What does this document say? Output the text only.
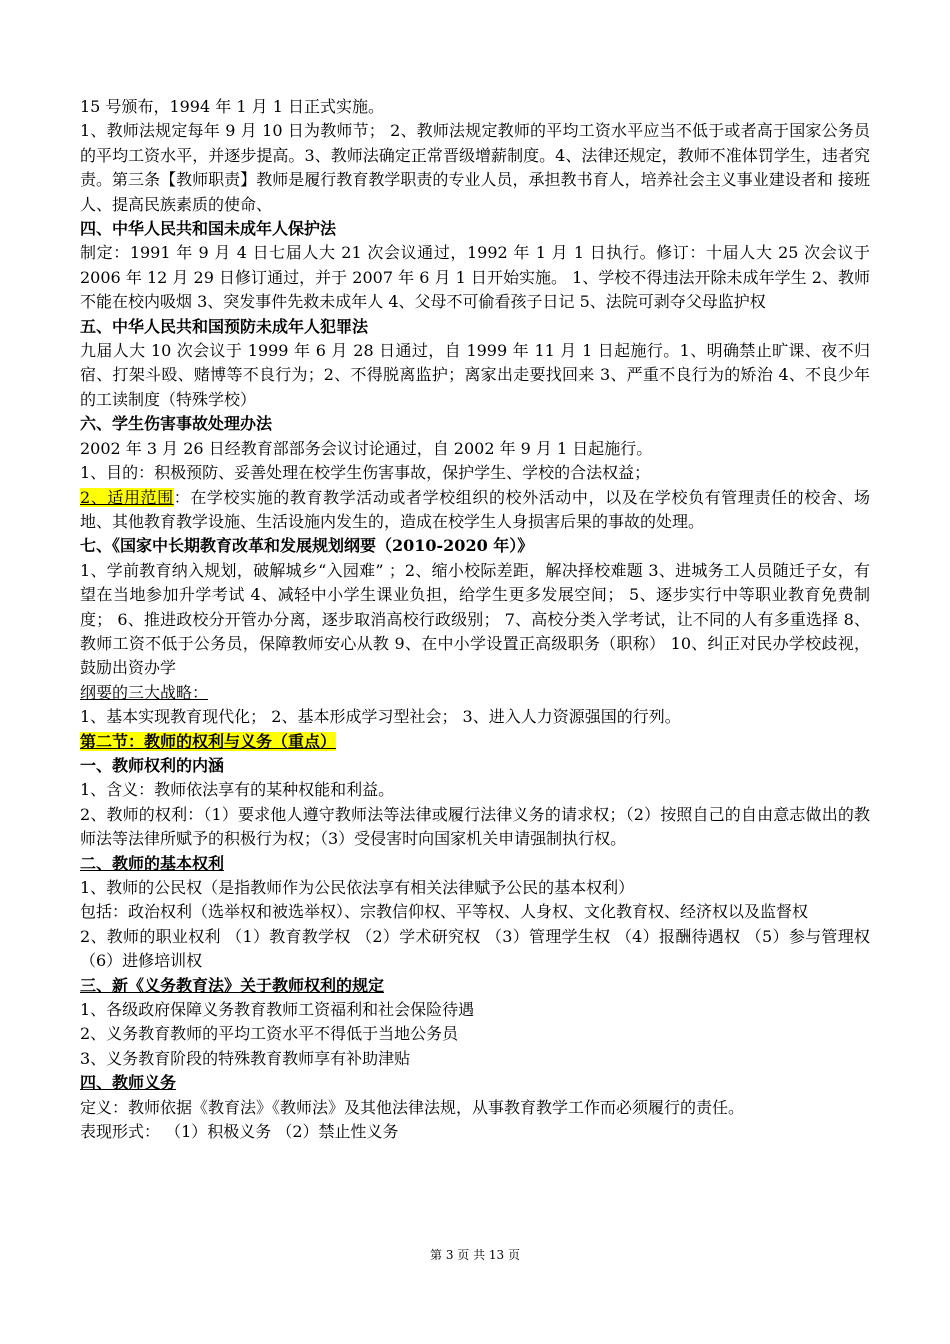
15 号颁布，1994 年 1 月 1 日正式实施。

1、教师法规定每年 9 月 10 日为教师节； 2、教师法规定教师的平均工资水平应当不低于或者高于国家公务员的平均工资水平，并逐步提高。3、教师法确定正常晋级增薪制度。4、法律还规定，教师不准体罚学生，违者究责。第三条【教师职责】教师是履行教育教学职责的专业人员，承担教书育人，培养社会主义事业建设者和 接班人、提高民族素质的使命、

四、中华人民共和国未成年人保护法

制定：1991 年 9 月 4 日七届人大 21 次会议通过，1992 年 1 月 1 日执行。修订：十届人大 25 次会议于 2006 年 12 月 29 日修订通过，并于 2007 年 6 月 1 日开始实施。 1、学校不得违法开除未成年学生 2、教师不能在校内吸烟 3、突发事件先救未成年人 4、父母不可偷看孩子日记 5、法院可剥夺父母监护权

五、中华人民共和国预防未成年人犯罪法

九届人大 10 次会议于 1999 年 6 月 28 日通过，自 1999 年 11 月 1 日起施行。1、明确禁止旷课、夜不归宿、打架斗殴、赌博等不良行为；2、不得脱离监护；离家出走要找回来 3、严重不良行为的矫治 4、不良少年的工读制度（特殊学校）

六、学生伤害事故处理办法

2002 年 3 月 26 日经教育部部务会议讨论通过，自 2002 年 9 月 1 日起施行。

1、目的：积极预防、妥善处理在校学生伤害事故，保护学生、学校的合法权益；

2、适用范围：在学校实施的教育教学活动或者学校组织的校外活动中，以及在学校负有管理责任的校舍、场地、其他教育教学设施、生活设施内发生的，造成在校学生人身损害后果的事故的处理。

七、《国家中长期教育改革和发展规划纲要（2010-2020 年）》

1、学前教育纳入规划，破解城乡“入园难” ；2、缩小校际差距，解决择校难题 3、进城务工人员随迁子女，有望在当地参加升学考试 4、减轻中小学生课业负担，给学生更多发展空间； 5、逐步实行中等职业教育免费制度； 6、推进政校分开管办分离，逐步取消高校行政级别； 7、高校分类入学考试，让不同的人有多重选择 8、教师工资不低于公务员，保障教师安心从教 9、在中小学设置正高级职务（职称） 10、纠正对民办学校歧视，鼓励出资办学

纲要的三大战略：

1、基本实现教育现代化； 2、基本形成学习型社会； 3、进入人力资源强国的行列。

第二节：教师的权利与义务（重点）

一、教师权利的内涵

1、含义：教师依法享有的某种权能和利益。

2、教师的权利：（1）要求他人遵守教师法等法律或履行法律义务的请求权；（2）按照自己的自由意志做出的教师法等法律所赋予的积极行为权；（3）受侵害时向国家机关申请强制执行权。

二、教师的基本权利

1、教师的公民权（是指教师作为公民依法享有相关法律赋予公民的基本权利）

包括：政治权利（选举权和被选举权）、宗教信仰权、平等权、人身权、文化教育权、经济权以及监督权

2、教师的职业权利 （1）教育教学权 （2）学术研究权 （3）管理学生权 （4）报酬待遇权 （5）参与管理权 （6）进修培训权

三、新《义务教育法》关于教师权利的规定

1、各级政府保障义务教育教师工资福利和社会保险待遇

2、义务教育教师的平均工资水平不得低于当地公务员

3、义务教育阶段的特殊教育教师享有补助津贴

四、教师义务

定义：教师依据《教育法》《教师法》及其他法律法规，从事教育教学工作而必须履行的责任。

表现形式： （1）积极义务 （2）禁止性义务

第 3 页 共 13 页
